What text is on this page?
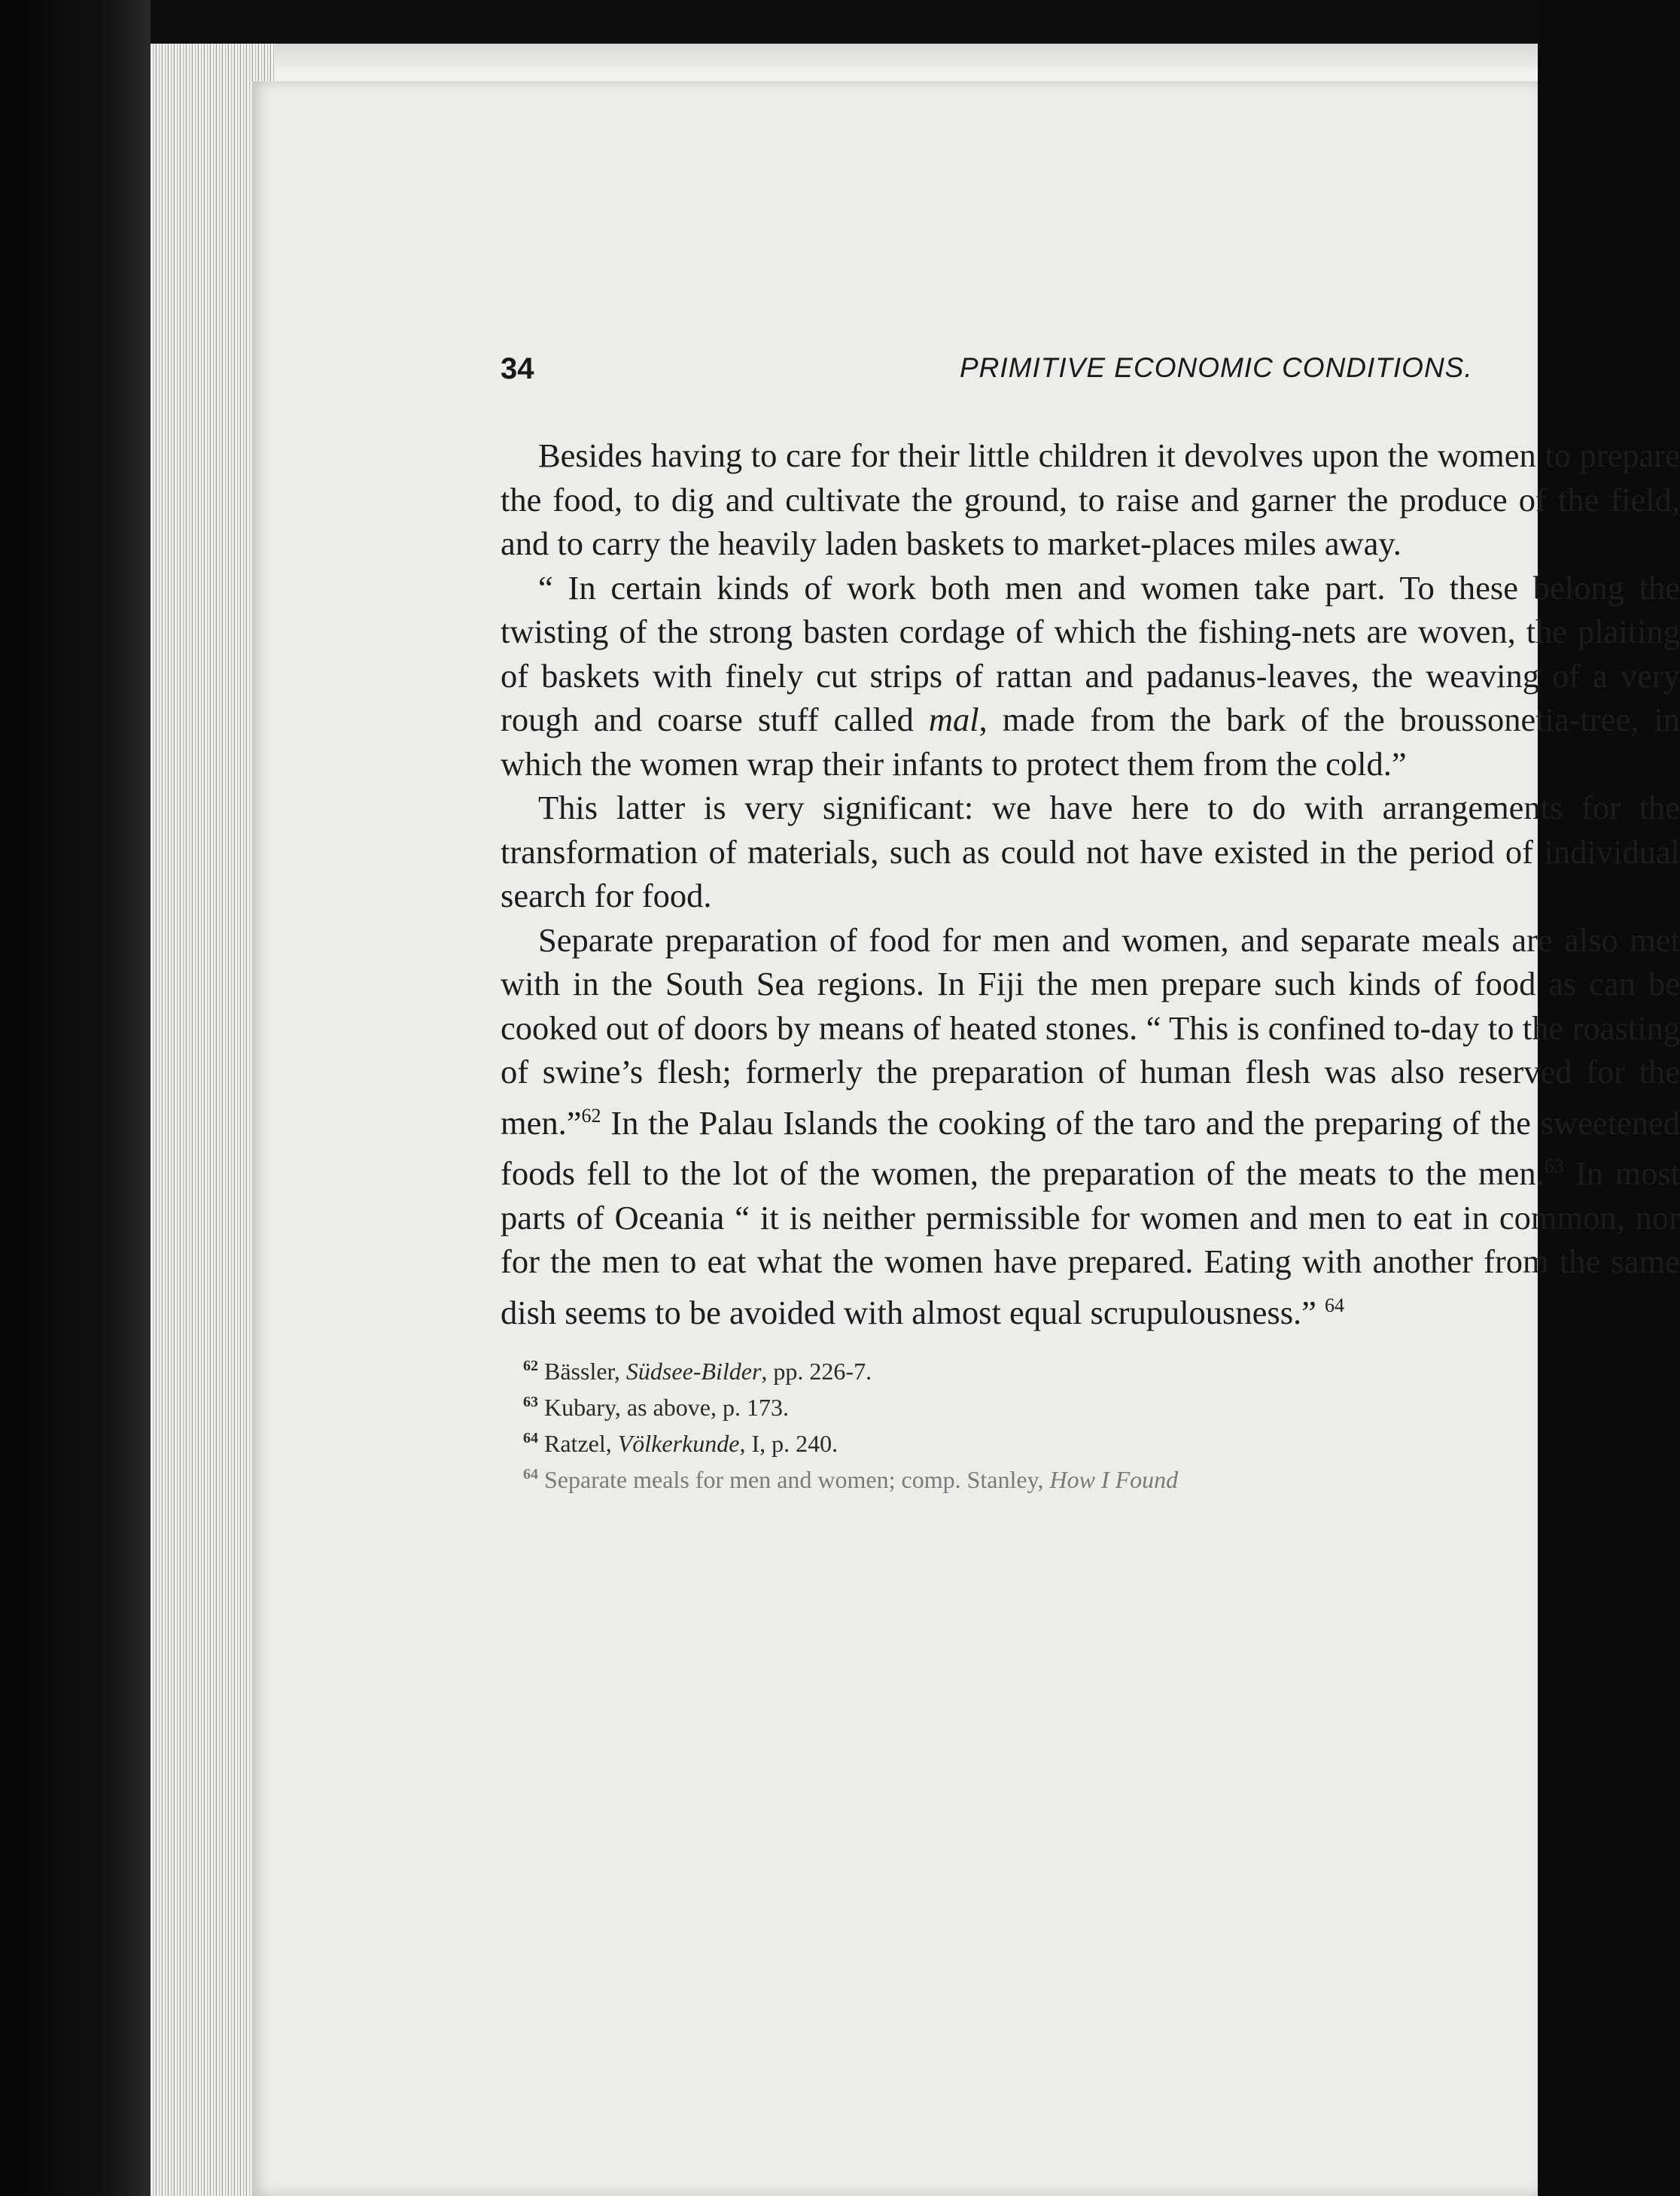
34	PRIMITIVE ECONOMIC CONDITIONS.

Besides having to care for their little children it devolves upon the women to prepare the food, to dig and cultivate the ground, to raise and garner the produce of the field, and to carry the heavily laden baskets to market-places miles away.

“ In certain kinds of work both men and women take part. To these belong the twisting of the strong basten cordage of which the fishing-nets are woven, the plaiting of baskets with finely cut strips of rattan and padanus-leaves, the weaving of a very rough and coarse stuff called mal, made from the bark of the broussonetia-tree, in which the women wrap their infants to protect them from the cold.”

This latter is very significant: we have here to do with arrangements for the transformation of materials, such as could not have existed in the period of individual search for food.

Separate preparation of food for men and women, and separate meals are also met with in the South Sea regions. In Fiji the men prepare such kinds of food as can be cooked out of doors by means of heated stones. “ This is confined to-day to the roasting of swine’s flesh; formerly the preparation of human flesh was also reserved for the men.”$^{62}$ In the Palau Islands the cooking of the taro and the preparing of the sweetened foods fell to the lot of the women, the preparation of the meats to the men.$^{63}$ In most parts of Oceania “ it is neither permissible for women and men to eat in common, nor for the men to eat what the women have prepared. Eating with another from the same dish seems to be avoided with almost equal scrupulousness.” $^{64}$

$^{62}$ Bässler, Südsee-Bilder, pp. 226-7.

$^{63}$ Kubary, as above, p. 173.

$^{64}$ Ratzel, Völkerkunde, I, p. 240.

$^{64}$ Separate meals for men and women; comp. Stanley, How I Found
